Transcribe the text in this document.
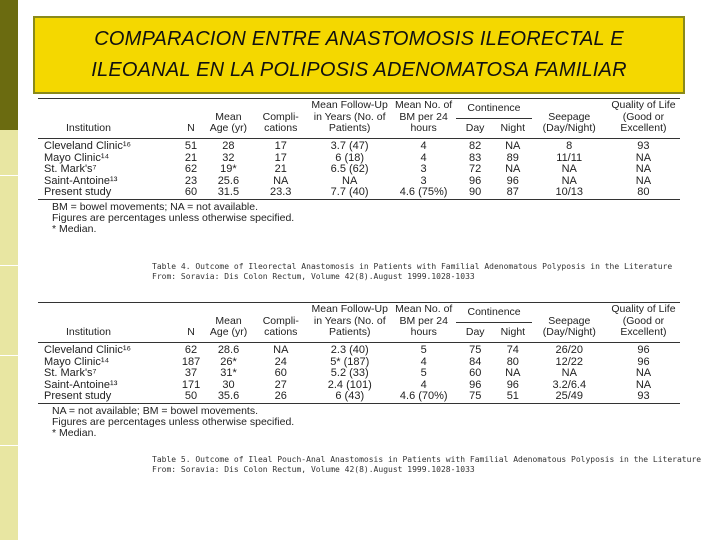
COMPARACION ENTRE ANASTOMOSIS ILEORECTAL E
ILEOANAL EN LA POLIPOSIS ADENOMATOSA FAMILIAR
Institution	N	Mean Age (yr)	Compli- cations	Mean Follow-Up in Years (No. of Patients)	Mean No. of BM per 24 hours	Continence		Seepage (Day/Night)	Quality of Life (Good or Excellent)
						Day	Night		

Cleveland Clinic¹⁶	51	28	17	3.7 (47)	4	82	NA	8	93
Mayo Clinic¹⁴	21	32	17	6 (18)	4	83	89	11/11	NA
St. Mark's⁷	62	19*	21	6.5 (62)	3	72	NA	NA	NA
Saint-Antoine¹³	23	25.6	NA	NA	3	96	96	NA	NA
Present study	60	31.5	23.3	7.7 (40)	4.6 (75%)	90	87	10/13	80
BM = bowel movements; NA = not available.
Figures are percentages unless otherwise specified.
* Median.
Table 4. Outcome of Ileorectal Anastomosis in Patients with Familial Adenomatous Polyposis in the Literature
From: Soravia: Dis Colon Rectum, Volume 42(8).August 1999.1028-1033
Institution	N	Mean Age (yr)	Compli- cations	Mean Follow-Up in Years (No. of Patients)	Mean No. of BM per 24 hours	Continence		Seepage (Day/Night)	Quality of Life (Good or Excellent)
						Day	Night		

Cleveland Clinic¹⁶	62	28.6	NA	2.3 (40)	5	75	74	26/20	96
Mayo Clinic¹⁴	187	26*	24	5* (187)	4	84	80	12/22	96
St. Mark's⁷	37	31*	60	5.2 (33)	5	60	NA	NA	NA
Saint-Antoine¹³	171	30	27	2.4 (101)	4	96	96	3.2/6.4	NA
Present study	50	35.6	26	6 (43)	4.6 (70%)	75	51	25/49	93
NA = not available; BM = bowel movements.
Figures are percentages unless otherwise specified.
* Median.
Table 5. Outcome of Ileal Pouch-Anal Anastomosis in Patients with Familial Adenomatous Polyposis in the Literature
From: Soravia: Dis Colon Rectum, Volume 42(8).August 1999.1028-1033
